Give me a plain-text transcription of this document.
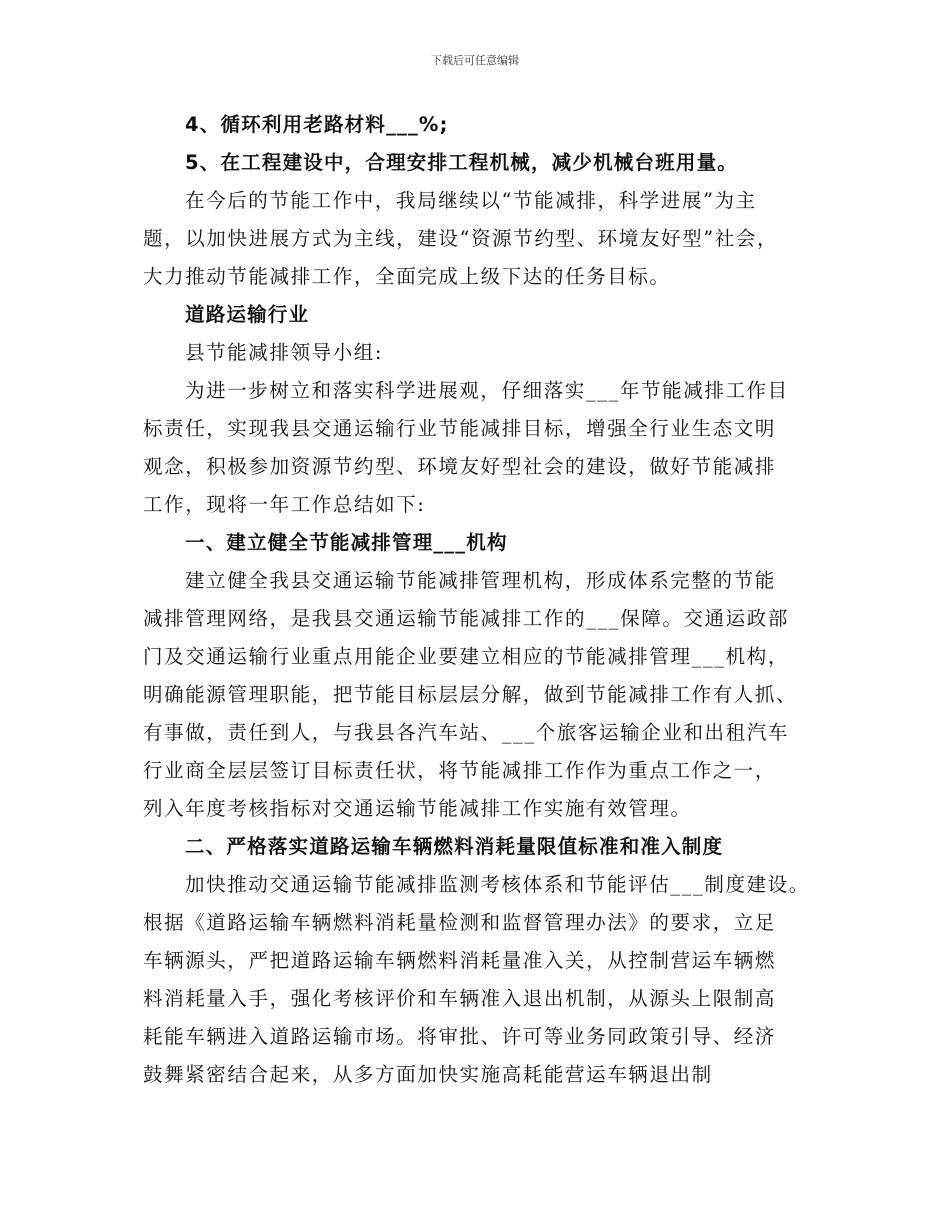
下载后可任意编辑

4、循环利用老路材料___%;

5、在工程建设中，合理安排工程机械，减少机械台班用量。

在今后的节能工作中，我局继续以“节能减排，科学进展”为主

题，以加快进展方式为主线，建设“资源节约型、环境友好型”社会，

大力推动节能减排工作，全面完成上级下达的任务目标。

道路运输行业

县节能减排领导小组:

为进一步树立和落实科学进展观，仔细落实___年节能减排工作目

标责任，实现我县交通运输行业节能减排目标，增强全行业生态文明

观念，积极参加资源节约型、环境友好型社会的建设，做好节能减排

工作，现将一年工作总结如下:

一、建立健全节能减排管理___机构

建立健全我县交通运输节能减排管理机构，形成体系完整的节能

减排管理网络，是我县交通运输节能减排工作的___保障。交通运政部

门及交通运输行业重点用能企业要建立相应的节能减排管理___机构，

明确能源管理职能，把节能目标层层分解，做到节能减排工作有人抓、

有事做，责任到人，与我县各汽车站、___个旅客运输企业和出租汽车

行业商全层层签订目标责任状，将节能减排工作作为重点工作之一，

列入年度考核指标对交通运输节能减排工作实施有效管理。

二、严格落实道路运输车辆燃料消耗量限值标准和准入制度

加快推动交通运输节能减排监测考核体系和节能评估___制度建设。

根据《道路运输车辆燃料消耗量检测和监督管理办法》的要求，立足

车辆源头，严把道路运输车辆燃料消耗量准入关，从控制营运车辆燃

料消耗量入手，强化考核评价和车辆准入退出机制，从源头上限制高

耗能车辆进入道路运输市场。将审批、许可等业务同政策引导、经济

鼓舞紧密结合起来，从多方面加快实施高耗能营运车辆退出制
